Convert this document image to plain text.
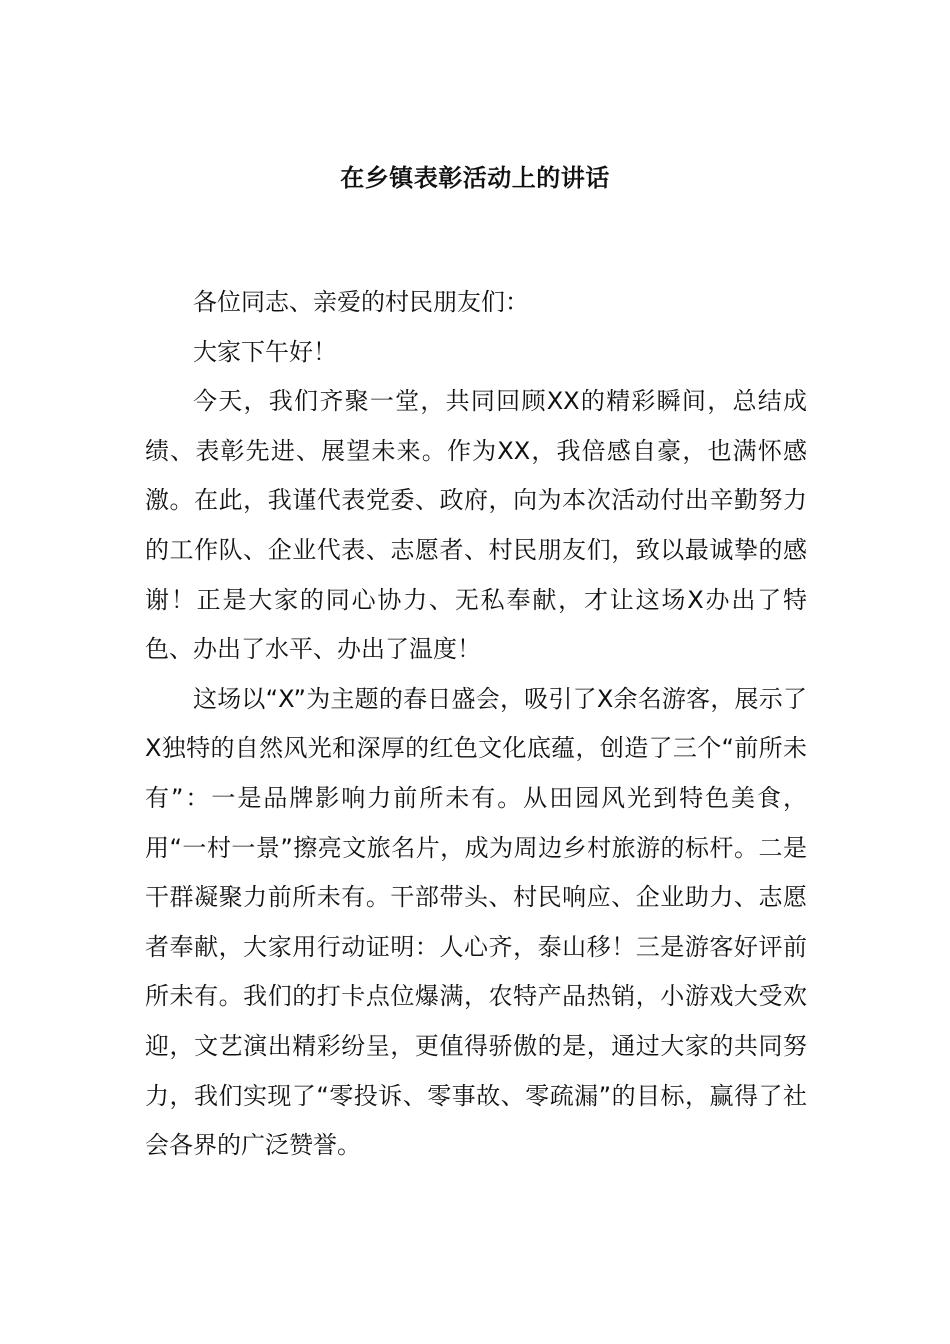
在乡镇表彰活动上的讲话

各位同志、亲爱的村民朋友们：

大家下午好！

今天，我们齐聚一堂，共同回顾XX的精彩瞬间，总结成绩、表彰先进、展望未来。作为XX，我倍感自豪，也满怀感激。在此，我谨代表党委、政府，向为本次活动付出辛勤努力的工作队、企业代表、志愿者、村民朋友们，致以最诚挚的感谢！正是大家的同心协力、无私奉献，才让这场X办出了特色、办出了水平、办出了温度！

这场以“X”为主题的春日盛会，吸引了X余名游客，展示了X独特的自然风光和深厚的红色文化底蕴，创造了三个“前所未有”：一是品牌影响力前所未有。从田园风光到特色美食，用“一村一景”擦亮文旅名片，成为周边乡村旅游的标杆。二是干群凝聚力前所未有。干部带头、村民响应、企业助力、志愿者奉献，大家用行动证明：人心齐，泰山移！三是游客好评前所未有。我们的打卡点位爆满，农特产品热销，小游戏大受欢迎，文艺演出精彩纷呈，更值得骄傲的是，通过大家的共同努力，我们实现了“零投诉、零事故、零疏漏”的目标，赢得了社会各界的广泛赞誉。
